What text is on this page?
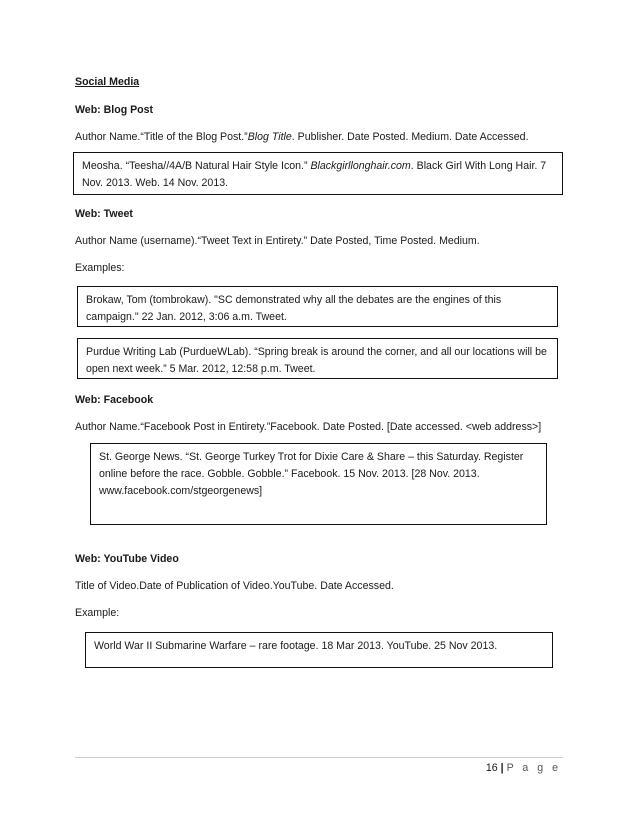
Social Media
Web: Blog Post
Author Name.“Title of the Blog Post.”Blog Title. Publisher. Date Posted. Medium. Date Accessed.
Meosha. “Teesha//4A/B Natural Hair Style Icon.” Blackgirllonghair.com. Black Girl With Long Hair. 7
Nov. 2013. Web. 14 Nov. 2013.
Web: Tweet
Author Name (username).“Tweet Text in Entirety.” Date Posted, Time Posted. Medium.
Examples:
Brokaw, Tom (tombrokaw). "SC demonstrated why all the debates are the engines of this
campaign." 22 Jan. 2012, 3:06 a.m. Tweet.
Purdue Writing Lab (PurdueWLab). “Spring break is around the corner, and all our locations will be
open next week.” 5 Mar. 2012, 12:58 p.m. Tweet.
Web: Facebook
Author Name.“Facebook Post in Entirety.”Facebook. Date Posted. [Date accessed. <web address>]
St. George News. “St. George Turkey Trot for Dixie Care & Share – this Saturday. Register
online before the race. Gobble. Gobble.” Facebook. 15 Nov. 2013. [28 Nov. 2013.
www.facebook.com/stgeorgenews]
Web: YouTube Video
Title of Video.Date of Publication of Video.YouTube. Date Accessed.
Example:
World War II Submarine Warfare – rare footage. 18 Mar 2013. YouTube. 25 Nov 2013.
16 | P a g e
